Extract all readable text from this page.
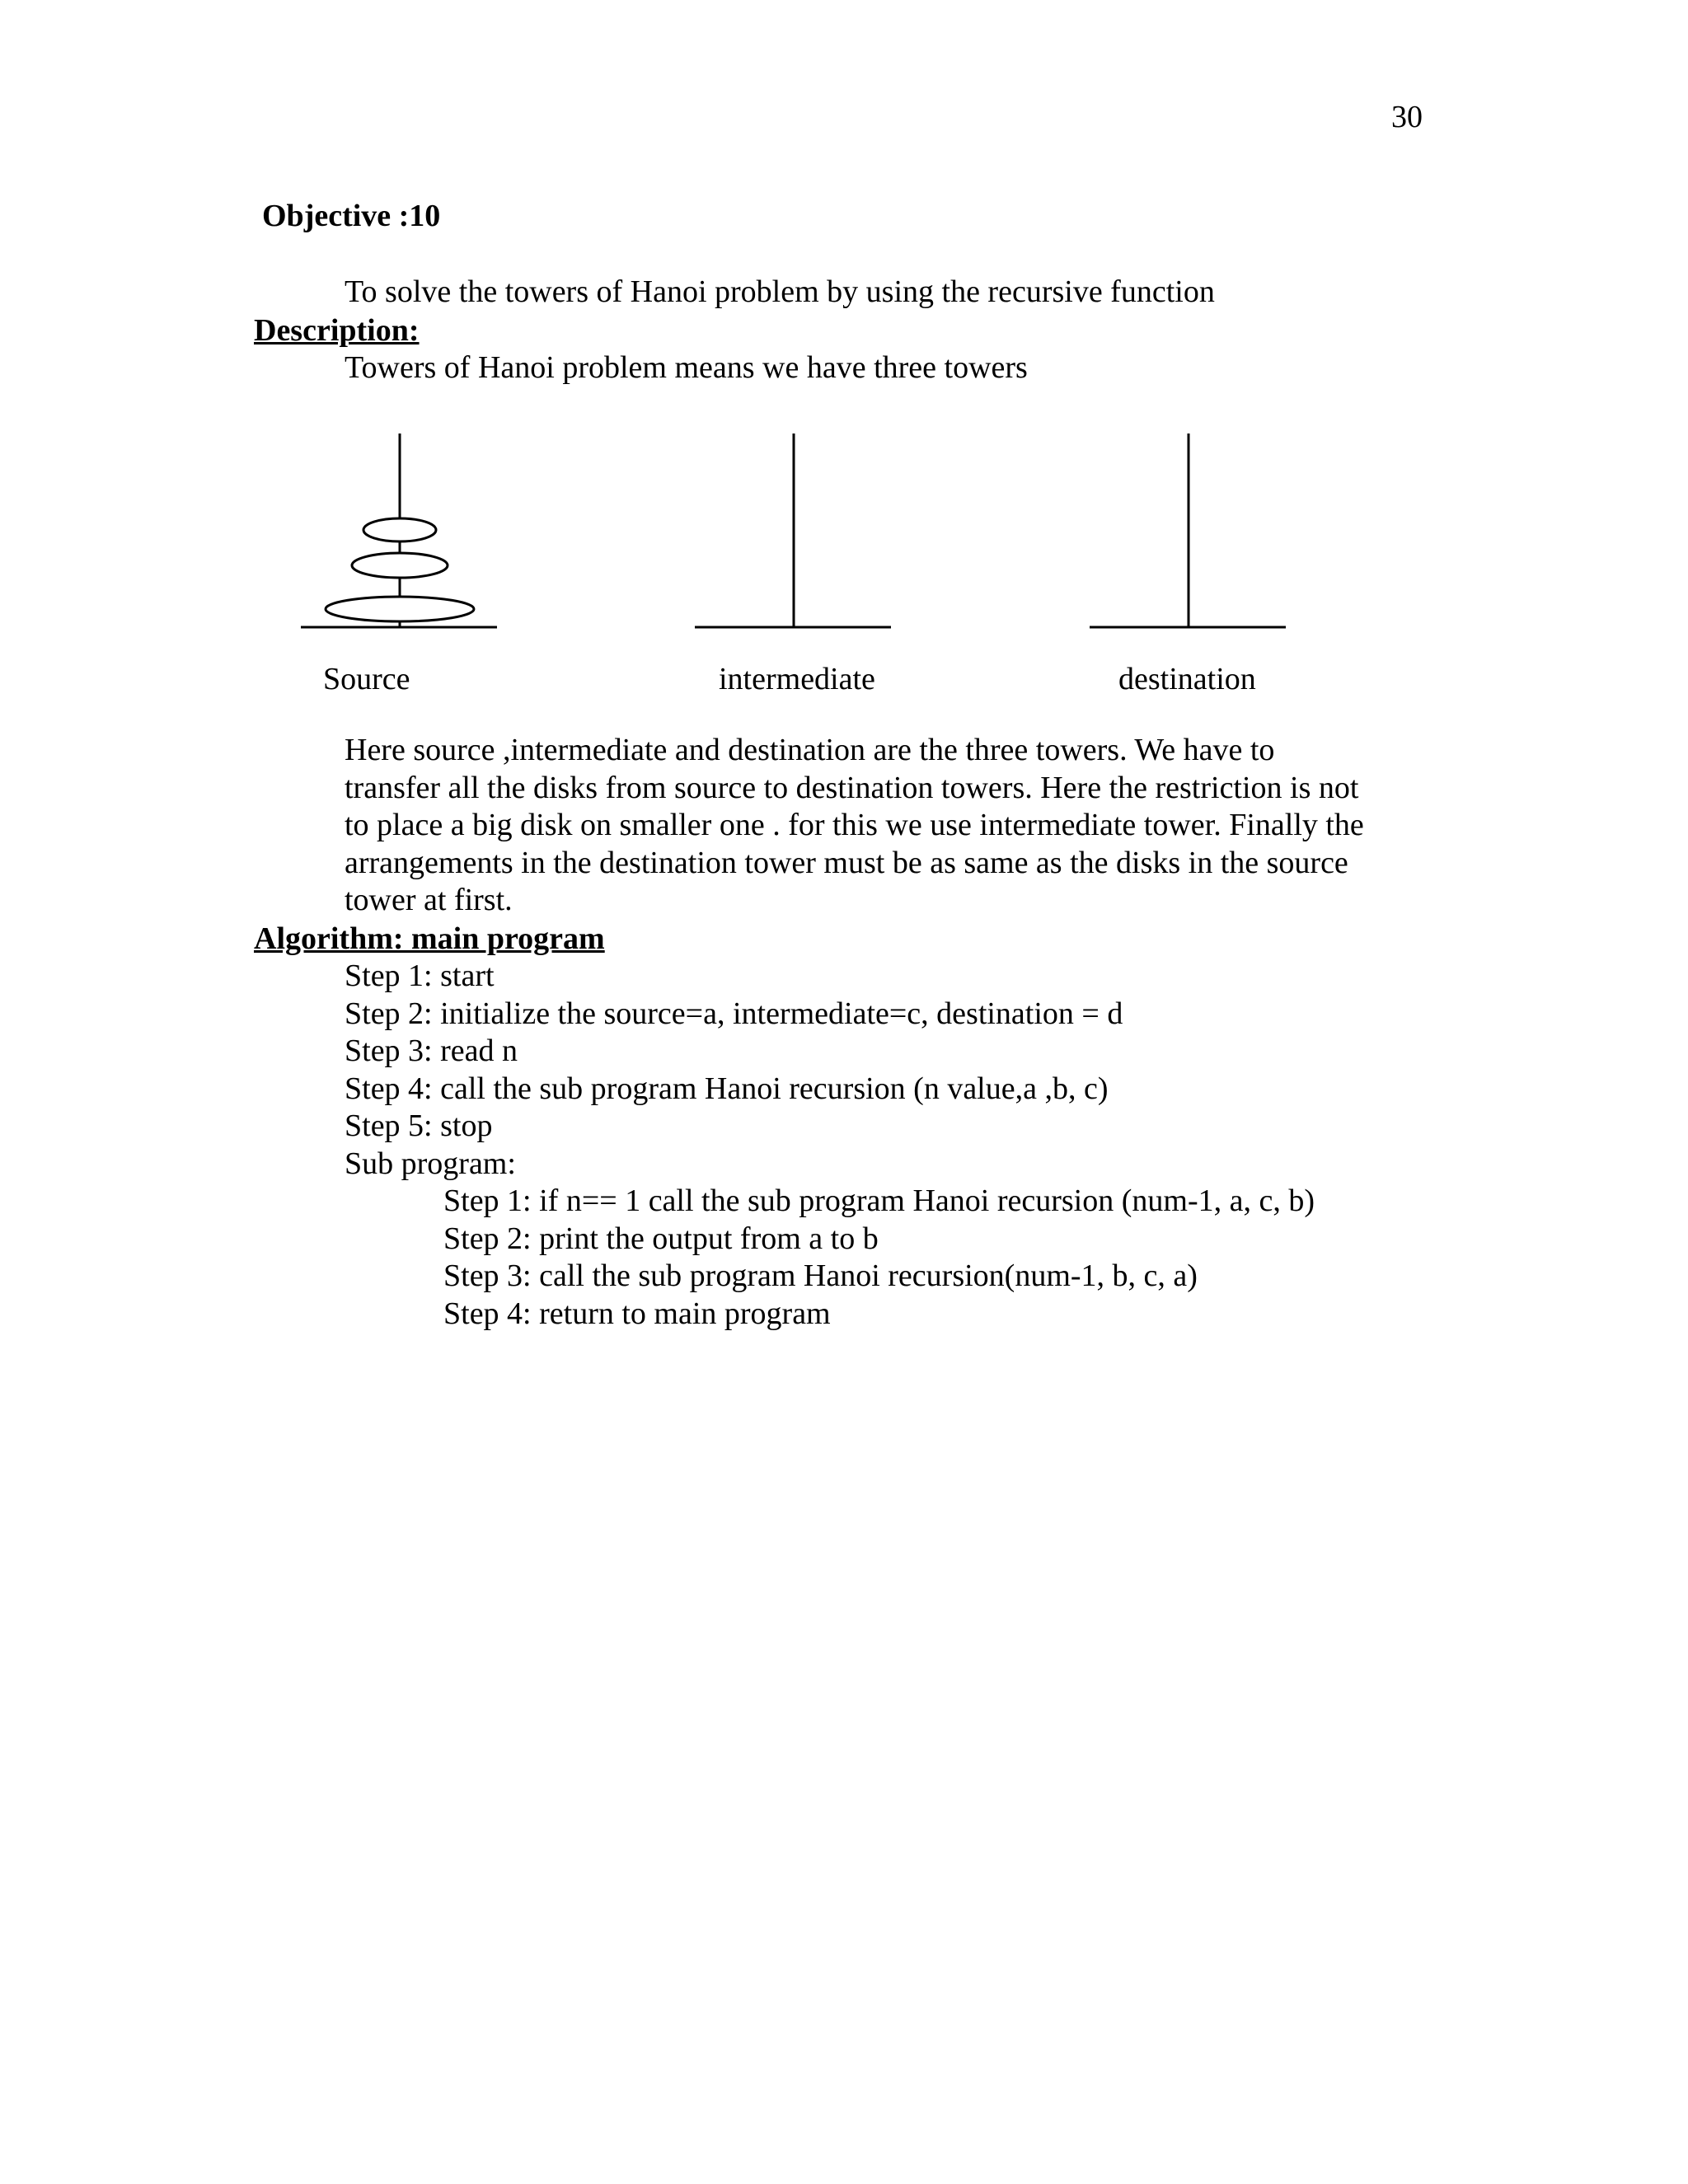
30
Objective :10
To solve the towers of Hanoi problem by using the recursive function
Description:
Towers of Hanoi problem means we have three towers
Source	intermediate	destination
Here source ,intermediate and destination are the three towers. We have to
transfer all the disks from source to destination towers. Here the restriction is not
to place a big disk on smaller one . for this we use intermediate tower. Finally the
arrangements in the destination tower must be as same as the disks in the source
tower at first.
Algorithm: main program
Step 1: start
Step 2: initialize the source=a, intermediate=c, destination = d
Step 3: read n
Step 4: call the sub program Hanoi recursion (n value,a ,b, c)
Step 5: stop
Sub program:
Step 1: if n== 1 call the sub program Hanoi recursion (num-1, a, c, b)
Step 2: print the output from a to b
Step 3: call the sub program Hanoi recursion(num-1, b, c, a)
Step 4: return to main program
